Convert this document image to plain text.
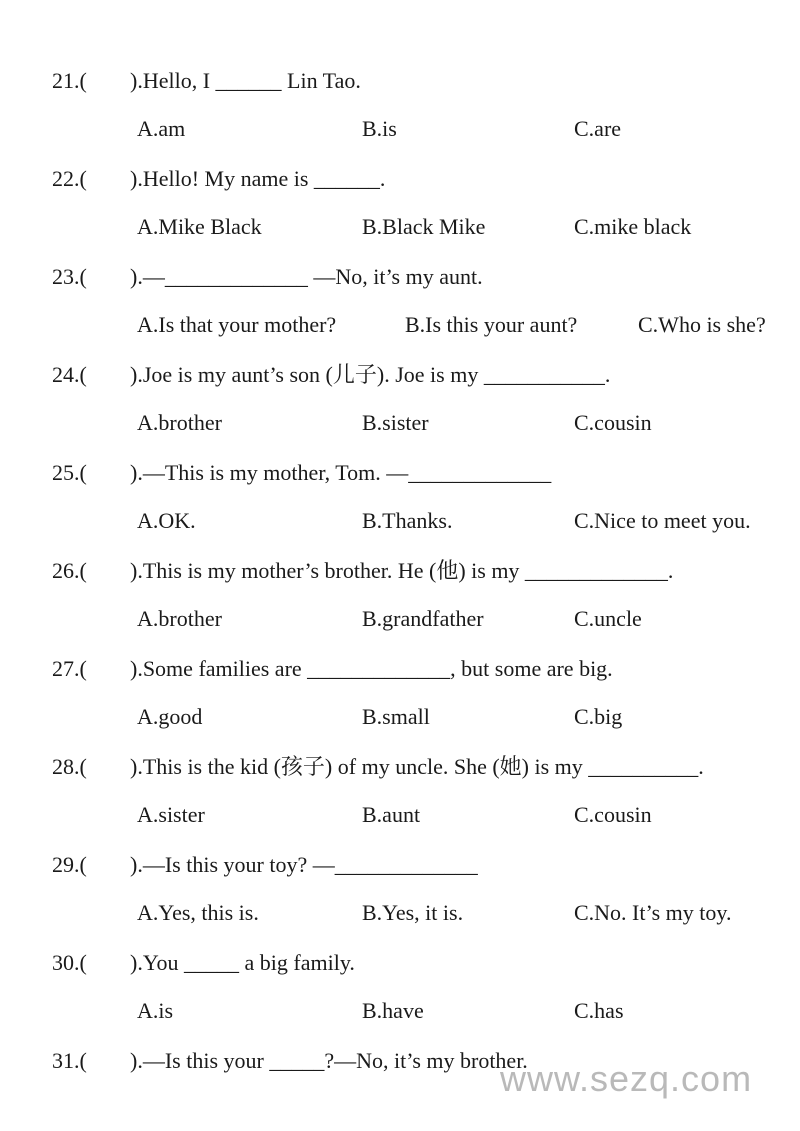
21.( ).Hello, I ______ Lin Tao.
A.am	B.is	C.are
22.( ).Hello! My name is ______.
A.Mike Black	B.Black Mike	C.mike black
23.( ).—_____________ —No, it’s my aunt.
A.Is that your mother?	B.Is this your aunt?	C.Who is she?
24.( ).Joe is my aunt’s son (儿子). Joe is my ___________.
A.brother	B.sister	C.cousin
25.( ).—This is my mother, Tom. —_____________
A.OK.	B.Thanks.	C.Nice to meet you.
26.( ).This is my mother’s brother. He (他) is my _____________.
A.brother	B.grandfather	C.uncle
27.( ).Some families are _____________, but some are big.
A.good	B.small	C.big
28.( ).This is the kid (孩子) of my uncle. She (她) is my __________.
A.sister	B.aunt	C.cousin
29.( ).—Is this your toy? —_____________
A.Yes, this is.	B.Yes, it is.	C.No. It’s my toy.
30.( ).You _____ a big family.
A.is	B.have	C.has
31.( ).—Is this your _____?—No, it’s my brother.
www.sezq.com
